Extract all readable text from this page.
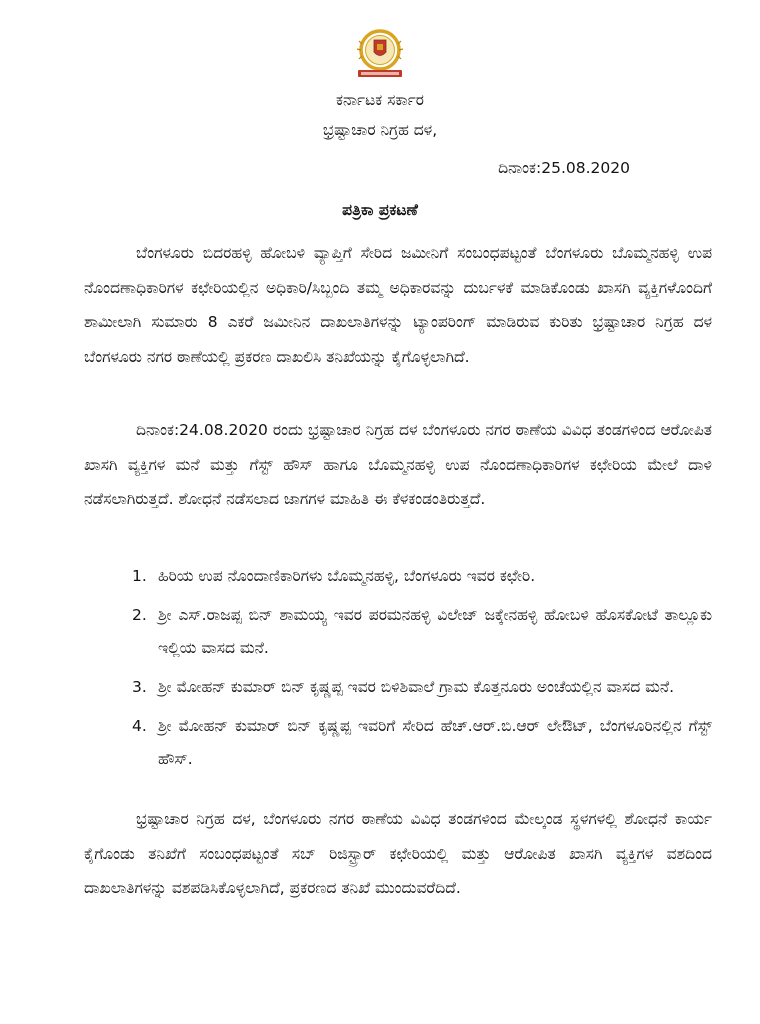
ಕರ್ನಾಟಕ ಸರ್ಕಾರ
ಭ್ರಷ್ಟಾಚಾರ ನಿಗ್ರಹ ದಳ,
ದಿನಾಂಕ:25.08.2020
ಪತ್ರಿಕಾ ಪ್ರಕಟಣೆ

ಬೆಂಗಳೂರು ಬಿದರಹಳ್ಳಿ ಹೋಬಳಿ ವ್ಯಾಪ್ತಿಗೆ ಸೇರಿದ ಜಮೀನಿಗೆ ಸಂಬಂಧಪಟ್ಟಂತೆ ಬೆಂಗಳೂರು ಬೊಮ್ಮನಹಳ್ಳಿ ಉಪ ನೊಂದಣಾಧಿಕಾರಿಗಳ ಕಛೇರಿಯಲ್ಲಿನ ಅಧಿಕಾರಿ/ಸಿಬ್ಬಂದಿ ತಮ್ಮ ಅಧಿಕಾರವನ್ನು ದುರ್ಬಳಕೆ ಮಾಡಿಕೊಂಡು ಖಾಸಗಿ ವ್ಯಕ್ತಿಗಳೊಂದಿಗೆ ಶಾಮೀಲಾಗಿ ಸುಮಾರು 8 ಎಕರೆ ಜಮೀನಿನ ದಾಖಲಾತಿಗಳನ್ನು ಟ್ಯಾಂಪರಿಂಗ್ ಮಾಡಿರುವ ಕುರಿತು ಭ್ರಷ್ಟಾಚಾರ ನಿಗ್ರಹ ದಳ ಬೆಂಗಳೂರು ನಗರ ಠಾಣೆಯಲ್ಲಿ ಪ್ರಕರಣ ದಾಖಲಿಸಿ ತನಿಖೆಯನ್ನು ಕೈಗೊಳ್ಳಲಾಗಿದೆ.

ದಿನಾಂಕ:24.08.2020 ರಂದು ಭ್ರಷ್ಟಾಚಾರ ನಿಗ್ರಹ ದಳ ಬೆಂಗಳೂರು ನಗರ ಠಾಣೆಯ ವಿವಿಧ ತಂಡಗಳಿಂದ ಆರೋಪಿತ ಖಾಸಗಿ ವ್ಯಕ್ತಿಗಳ ಮನೆ ಮತ್ತು ಗೆಸ್ಟ್ ಹೌಸ್ ಹಾಗೂ ಬೊಮ್ಮನಹಳ್ಳಿ ಉಪ ನೊಂದಣಾಧಿಕಾರಿಗಳ ಕಛೇರಿಯ ಮೇಲೆ ದಾಳಿ ನಡೆಸಲಾಗಿರುತ್ತದೆ. ಶೋಧನೆ ನಡೆಸಲಾದ ಜಾಗಗಳ ಮಾಹಿತಿ ಈ ಕೆಳಕಂಡಂತಿರುತ್ತದೆ.

1. ಹಿರಿಯ ಉಪ ನೊಂದಾಣಿಕಾರಿಗಳು ಬೊಮ್ಮನಹಳ್ಳಿ, ಬೆಂಗಳೂರು ಇವರ ಕಛೇರಿ.
2. ಶ್ರೀ ಎಸ್.ರಾಜಪ್ಪ ಬಿನ್ ಶಾಮಯ್ಯ ಇವರ ಪರಮನಹಳ್ಳಿ ವಿಲೇಜ್ ಜಕ್ಕೇನಹಳ್ಳಿ ಹೋಬಳಿ ಹೊಸಕೋಟೆ ತಾಲ್ಲೂಕು ಇಲ್ಲಿಯ ವಾಸದ ಮನೆ.
3. ಶ್ರೀ ಮೋಹನ್ ಕುಮಾರ್ ಬಿನ್ ಕೃಷ್ಣಪ್ಪ ಇವರ ಬಿಳಿಶಿವಾಲೆ ಗ್ರಾಮ ಕೊತ್ತನೂರು ಅಂಚೆಯಲ್ಲಿನ ವಾಸದ ಮನೆ.
4. ಶ್ರೀ ಮೋಹನ್ ಕುಮಾರ್ ಬಿನ್ ಕೃಷ್ಣಪ್ಪ ಇವರಿಗೆ ಸೇರಿದ ಹೆಚ್.ಆರ್.ಬಿ.ಆರ್ ಲೇಔಟ್, ಬೆಂಗಳೂರಿನಲ್ಲಿನ ಗೆಸ್ಟ್ ಹೌಸ್.

ಭ್ರಷ್ಟಾಚಾರ ನಿಗ್ರಹ ದಳ, ಬೆಂಗಳೂರು ನಗರ ಠಾಣೆಯ ವಿವಿಧ ತಂಡಗಳಿಂದ ಮೇಲ್ಕಂಡ ಸ್ಥಳಗಳಲ್ಲಿ ಶೋಧನೆ ಕಾರ್ಯ ಕೈಗೊಂಡು ತನಿಖೆಗೆ ಸಂಬಂಧಪಟ್ಟಂತೆ ಸಬ್ ರಿಜಿಸ್ಟ್ರಾರ್ ಕಛೇರಿಯಲ್ಲಿ ಮತ್ತು ಆರೋಪಿತ ಖಾಸಗಿ ವ್ಯಕ್ತಿಗಳ ವಶದಿಂದ ದಾಖಲಾತಿಗಳನ್ನು ವಶಪಡಿಸಿಕೊಳ್ಳಲಾಗಿದೆ, ಪ್ರಕರಣದ ತನಿಖೆ ಮುಂದುವರೆದಿದೆ.
